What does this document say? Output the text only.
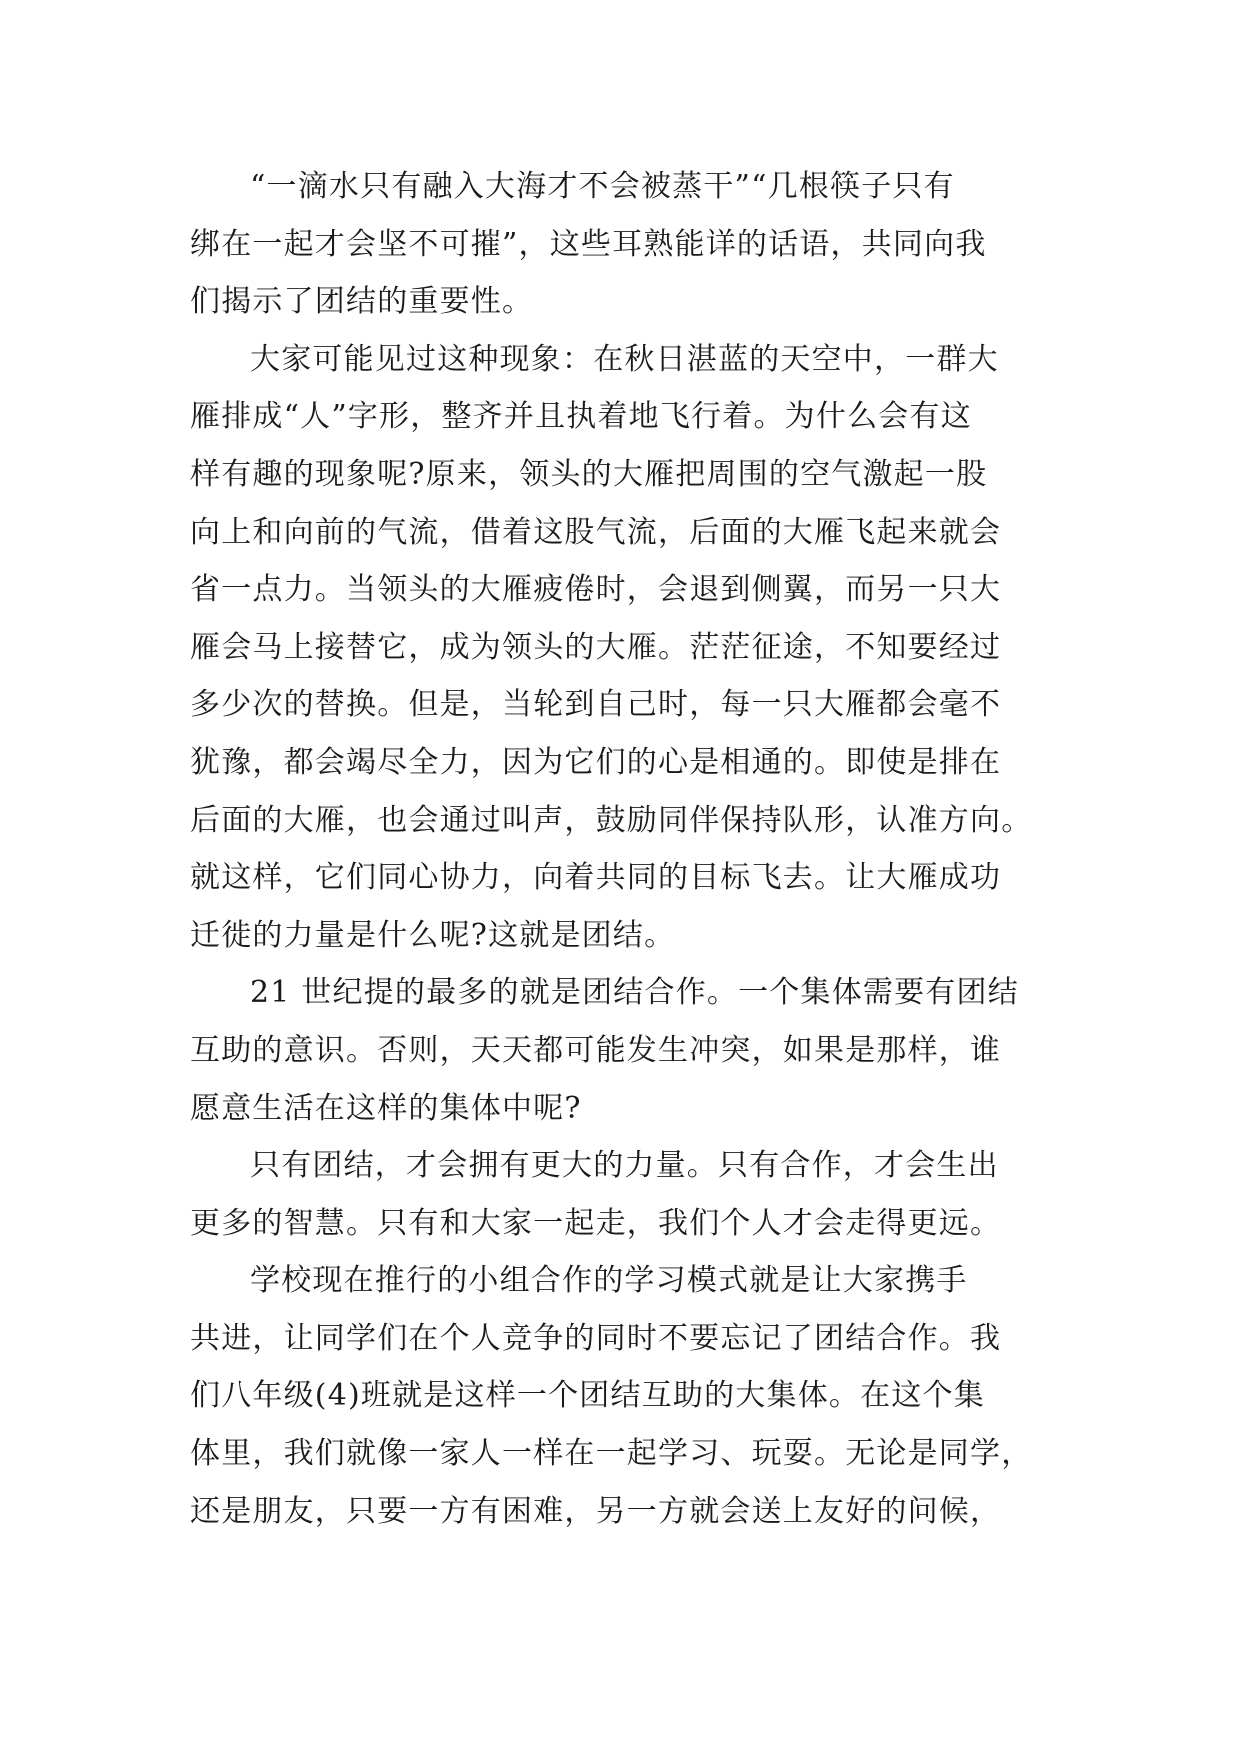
“一滴水只有融入大海才不会被蒸干”“几根筷子只有
绑在一起才会坚不可摧”，这些耳熟能详的话语，共同向我
们揭示了团结的重要性。
大家可能见过这种现象：在秋日湛蓝的天空中，一群大
雁排成“人”字形，整齐并且执着地飞行着。为什么会有这
样有趣的现象呢?原来，领头的大雁把周围的空气激起一股
向上和向前的气流，借着这股气流，后面的大雁飞起来就会
省一点力。当领头的大雁疲倦时，会退到侧翼，而另一只大
雁会马上接替它，成为领头的大雁。茫茫征途，不知要经过
多少次的替换。但是，当轮到自己时，每一只大雁都会毫不
犹豫，都会竭尽全力，因为它们的心是相通的。即使是排在
后面的大雁，也会通过叫声，鼓励同伴保持队形，认准方向。
就这样，它们同心协力，向着共同的目标飞去。让大雁成功
迁徙的力量是什么呢?这就是团结。
21 世纪提的最多的就是团结合作。一个集体需要有团结
互助的意识。否则，天天都可能发生冲突，如果是那样，谁
愿意生活在这样的集体中呢?
只有团结，才会拥有更大的力量。只有合作，才会生出
更多的智慧。只有和大家一起走，我们个人才会走得更远。
学校现在推行的小组合作的学习模式就是让大家携手
共进，让同学们在个人竞争的同时不要忘记了团结合作。我
们八年级(4)班就是这样一个团结互助的大集体。在这个集
体里，我们就像一家人一样在一起学习、玩耍。无论是同学，
还是朋友，只要一方有困难，另一方就会送上友好的问候，
